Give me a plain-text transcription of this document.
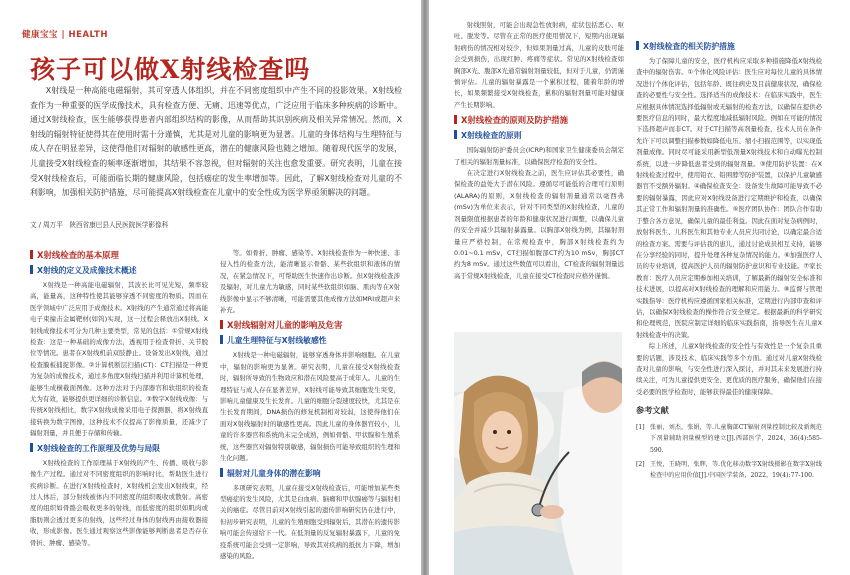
健康宝宝 | HEALTH
孩子可以做X射线检查吗

X射线是一种高能电磁辐射，其可穿透人体组织，并在不同密度组织中产生不同的投影效果。X射线检查作为一种重要的医学成像技术，具有检查方便、无痛、迅速等优点，广泛应用于临床多种疾病的诊断中。通过X射线检查，医生能够获得患者内部组织结构的影像，从而帮助其识别疾病及相关异常情况。然而，X射线的辐射特征使得其在使用时需十分谨慎，尤其是对儿童的影响更为显著。儿童的身体结构与生理特征与成人存在明显差异，这使得他们对辐射的敏感性更高，潜在的健康风险也随之增加。随着现代医学的发展，儿童接受X射线检查的频率逐渐增加，其结果不容忽视，但对辐射的关注也愈发重要。研究表明，儿童在接受X射线检查后，可能面临长期的健康风险，包括癌症的发生率增加等。因此，了解X射线检查对儿童的不利影响，加强相关防护措施，尽可能提高X射线检查在儿童中的安全性成为医学界亟须解决的问题。

文 / 周万平　陕西省康巴县人民医院医学影像科
X射线检查的基本原理
X射线的定义及成像技术概述

X射线是一种高能电磁辐射，其波长比可见光短，频率较高，能量高，这种特性使其能够穿透不同密度的物质。因而在医学领域中广泛应用于成像技术。X射线的产生通常通过将高能电子束撞击金属靶材(如钨)实现，这一过程会释放出X射线。X射线成像技术可分为几种主要类型，常见的包括：①常规X射线检查：这是一种基础的成像方法，透视用于检查骨折、关节脱位等情况。患者在X射线机前双肢静止。设备发出X射线，通过检查膜板捕捉影像。②计算机断层扫描(CT)：CT扫描是一种更为复杂的成像技术，通过多角度X射线扫描并利用计算机处理，能够生成横截面图像。这种方法对于内部器官和软组织的检查尤为有效，能够提供更详细的诊断信息。③数字X射线成像：与传统X射线相比，数字X射线成像采用电子探测器，将X射线直接转换为数字图像，这种技术不仅提高了影像质量，还减少了辐射剂量，并且便于存储和传输。

X射线检查的工作原理及优势与局限

X射线检查的工作原理基于X射线的产生、传播、吸收与影像生产过程。通过对不同密度组织的影响时比，帮助医生进行疾病诊断。在进行X射线检查时，X射线机会发出X射线束，经过人体后，部分射线被体内不同密度的组织吸收或散射。高密度的组织如骨骼会吸收更多的射线，而低密度的组织如肌肉或脂肪则会透过更多的射线，这些经过身体的射线再由接收器接收，形成影像。医生通过观察这些影像能够判断患者是否存在骨折、肿瘤、感染等。

等。如骨折、肿瘤、感染等。X射线检查作为一种快速、非侵入性的检查方法，能清晰显示骨骼、某些软组织和液体的情况，在紧急情况下，可帮助医生快速作出诊断。但X射线检查涉及辐射，对儿童尤为敏感，同时某些软组织如脑、肌肉等在X射线影像中显示不够清晰，可能需要其他成像方法如MRI或超声来补充。

X射线辐射对儿童的影响及危害
儿童生理特征与X射线敏感性

X射线是一种电磁辐射，能够穿透身体并影响细胞。在儿童中，辐射的影响更为显著。研究表明，儿童在接受X射线检查时，辐射所导致的生物效应和潜在风险要高于成年人。儿童的生理特征与成人存在显著差异，X射线可能导致其细胞发生突变，影响儿童健康及生长发育。儿童的细胞分裂速度较快，尤其是在生长发育期间，DNA损伤的修复机制相对较弱，这使得他们在面对X射线辐射时的敏感性更高。因此儿童的身体器官较小，儿童的许多器官和系统尚未完全成熟，例如骨骼、甲状腺和生殖系统，这些器官对辐射特别敏感，辐射损伤可能导致组织的生理和生化问题。

辐射对儿童身体的潜在影响

多项研究表明，儿童在接受X射线检查后，可能增加某些类型癌症的发生风险，尤其是白血病、脑瘤和甲状腺癌等与辐射相关的癌症。尽管目前对X射线引起的遗传影响研究仍在进行中，但初步研究表明，儿童的生殖细胞受到辐射后，其潜在的遗传影响可能会传递给下一代。在低剂量的反复辐射暴露下，儿童的免疫系统可能会受到一定影响，导致其对疾病的抵抗力下降，增加感染的风险。

射线照射，可能会出现急性放射病，症状包括恶心、呕吐、脱发等。尽管在正常的医疗使用情况下，短期内出现辐射病伤的情况相对较少，但如果剂量过高，儿童的皮肤可能会受到损伤，出现红肿、疼痛等症状。常见的X射线检查如胸部X光、腹部X光通常辐射剂量较低，但对于儿童，仍需谨慎评估。儿童的辐射暴露是一个累积过程，随着年龄的增长，如果频繁接受X射线检查，累积的辐射剂量可能对健康产生长期影响。

X射线检查的原则及防护措施
X射线检查的原则

国际辐射防护委员会(ICRP)和国家卫生健康委员会制定了相关的辐射剂量标准，以确保医疗检查的安全性。

在决定进行X射线检查之前，医生应评估其必要性，确保检查的益处大于潜在风险。遵循尽可能低的合理可行原则(ALARA)的原则，X射线检查的辐射剂量通常以毫西弗(mSv)为单位来表示，针对不同类型的X射线检查，儿童的剂量限值根据患者的年龄和健康状况进行调整，以确保儿童的安全并减少其辐射暴露量。以胸部X射线为例，其辐射剂量应严格控制，在常规检查中，胸部X射线检查约为0.01~0.1 mSv，CT扫描如腹部CT约为10 mSv，胸部CT约为8 mSv。通过这些数值可以看出，CT检查的辐射剂量远高于常规X射线检查，儿童在接受CT检查时应格外谨慎。

X射线检查的相关防护措施

为了保障儿童的安全，医疗机构应采取多种措施降低X射线检查中的辐射伤害。①个体化风险评估：医生应对每位儿童的具体情况进行个体化评估，包括年龄、既往病史及目前健康状况，确保检查的必要性与安全性。选择适当的成像技术：在临床实践中，医生应根据具体情况选择低辐射或无辐射的检查方法，以确保在提供必要医疗信息的同时，最大程度地减低辐射风险。例如在可能的情况下选择超声而非CT。对于CT扫描等高剂量检查，技术人员在条件允许下可以调整扫描参数如降低电压、缩小扫描范围等，以实现低剂量成像。同时尽可能采用新型低剂量X射线技术和自动曝光控制系统，以进一步降低患者受到的辐射剂量。③使用防护装置：在X射线检查过程中，使用铅衣、铅围脖等防护装置，以保护儿童敏感器官不受额外辐射。④确保检查安全：设备发生故障可能导致不必要的辐射暴露，因此应对X射线设备进行定期维护和检查，以确保其正常工作和辐射剂量的准确性。⑤医疗团队协作：团队合作有助于整合各方意见，确保儿童的最佳利益。因此在面对复杂病例时，放射科医生、儿科医生和其他专业人员应共同讨论，以确定最合适的检查方案。需要与评估我的患儿，通过讨论成员相互支持，能够在分享经验的同时，提升处理各种复杂情况的能力。⑥加强医疗人员的专业培训，提高医护人员的辐射防护意识和专业技能。⑦家长教育：医疗人员应定期参加相关培训，了解最新的辐射安全标准和技术进展，以提高对X射线检查的理解和应用能力。⑧监督与管理实践指导：医疗机构应遵循国家相关标准，定期进行内部审查和评估，以确保X射线检查的操作符合安全规定。根据最新的科学研究和伦理规范，医院应制定详细的临床实践指南，指导医生在儿童X射线检查中的决策。

综上所述，儿童X射线检查的安全性与有效性是一个复杂且重要的话题，涉及技术、临床实践等多个方面。通过对儿童X射线检查对儿童的影响，与安全性进行深入探讨，并对其未来发展进行持续关注，可为儿童提供更安全、更优质的医疗服务，确保他们在接受必要的医学检查时，能够获得最佳的健康保障。

参考文献
[1] 张丽，刘杰，张娟，等.儿童胸部CT辐射剂量控制比较及新规范下剂量辅助剂量模型的建立[J].西部医学，2024，36(4):585-590.
[2] 王悦，王晓明，张辉，等.优化移动数字X射线摄影在数字X射线检查中的应用价值[J].中国医学装备，2022，19(4):77-100.
